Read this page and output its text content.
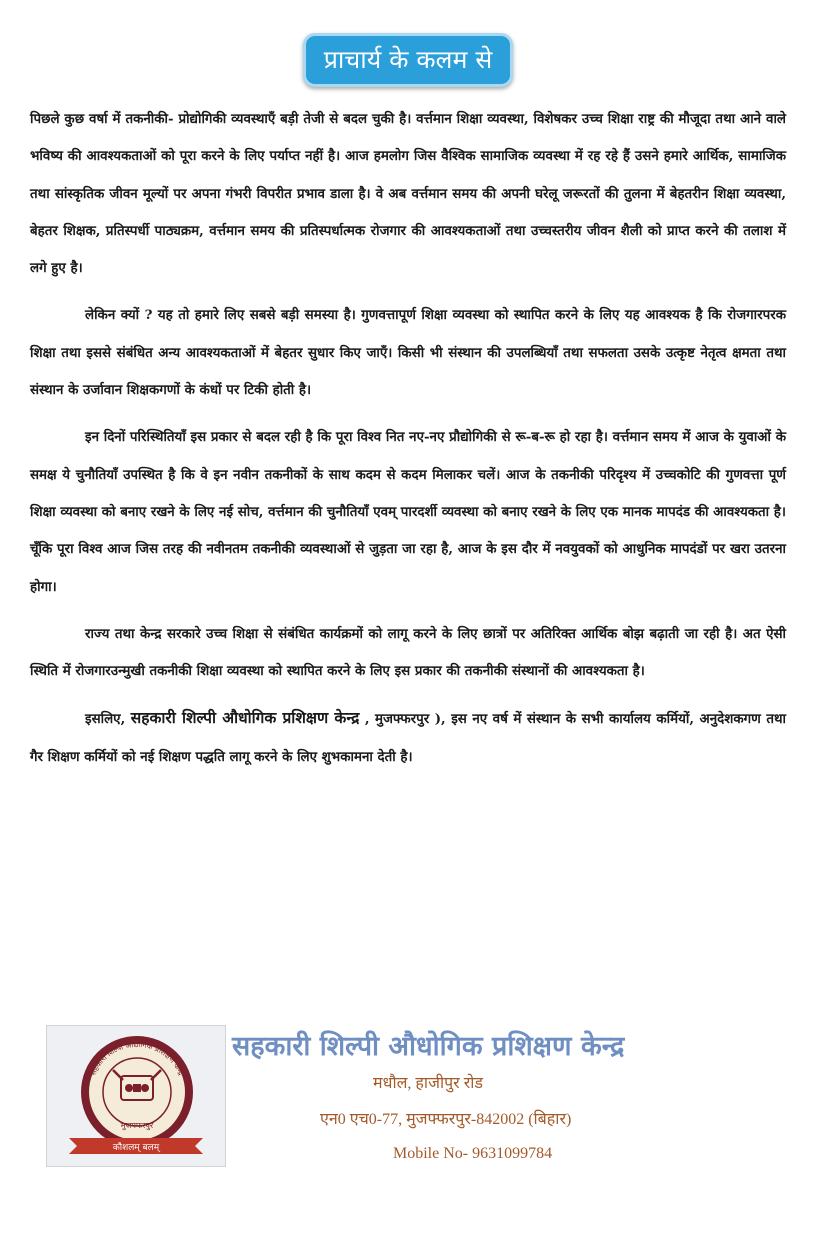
प्राचार्य के कलम से

पिछले कुछ वर्षा में तकनीकी- प्रोद्योगिकी व्यवस्थाएँ बड़ी तेजी से बदल चुकी है। वर्त्तमान शिक्षा व्यवस्था, विशेषकर उच्च शिक्षा राष्ट्र की मौजूदा तथा आने वाले भविष्य की आवश्यकताओं को पूरा करने के लिए पर्याप्त नहीं है। आज हमलोग जिस वैश्विक सामाजिक व्यवस्था में रह रहे हैं उसने हमारे आर्थिक, सामाजिक तथा सांस्कृतिक जीवन मूल्यों पर अपना गंभरी विपरीत प्रभाव डाला है। वे अब वर्त्तमान समय की अपनी घरेलू जरूरतों की तुलना में बेहतरीन शिक्षा व्यवस्था, बेहतर शिक्षक, प्रतिस्पर्धी पाठ्यक्रम, वर्त्तमान समय की प्रतिस्पर्धात्मक रोजगार की आवश्यकताओं तथा उच्चस्तरीय जीवन शैली को प्राप्त करने की तलाश में लगे हुए है।

लेकिन क्यों ? यह तो हमारे लिए सबसे बड़ी समस्या है। गुणवत्तापूर्ण शिक्षा व्यवस्था को स्थापित करने के लिए यह आवश्यक है कि रोजगारपरक शिक्षा तथा इससे संबंधित अन्य आवश्यकताओं में बेहतर सुधार किए जाएँ। किसी भी संस्थान की उपलब्धियाँ तथा सफलता उसके उत्कृष्ट नेतृत्व क्षमता तथा संस्थान के उर्जावान शिक्षकगणों के कंधों पर टिकी होती है।

इन दिनों परिस्थितियाँ इस प्रकार से बदल रही है कि पूरा विश्व नित नए-नए प्रौद्योगिकी से रू-ब-रू हो रहा है। वर्त्तमान समय में आज के युवाओं के समक्ष ये चुनौतियाँ उपस्थित है कि वे इन नवीन तकनीकों के साथ कदम से कदम मिलाकर चलें। आज के तकनीकी परिदृश्य में उच्चकोटि की गुणवत्ता पूर्ण शिक्षा व्यवस्था को बनाए रखने के लिए नई सोच, वर्त्तमान की चुनौतियाँ एवम् पारदर्शी व्यवस्था को बनाए रखने के लिए एक मानक मापदंड की आवश्यकता है। चूँकि पूरा विश्व आज जिस तरह की नवीनतम तकनीकी व्यवस्थाओं से जुड़ता जा रहा है, आज के इस दौर में नवयुवकों को आधुनिक मापदंडों पर खरा उतरना होगा।

राज्य तथा केन्द्र सरकारे उच्च शिक्षा से संबंधित कार्यक्रमों को लागू करने के लिए छात्रों पर अतिरिक्त आर्थिक बोझ बढ़ाती जा रही है। अत ऐसी स्थिति में रोजगारउन्मुखी तकनीकी शिक्षा व्यवस्था को स्थापित करने के लिए इस प्रकार की तकनीकी संस्थानों की आवश्यकता है।

इसलिए, सहकारी शिल्पी औधोगिक प्रशिक्षण केन्द्र , मुजफ्फरपुर ), इस नए वर्ष में संस्थान के सभी कार्यालय कर्मियों, अनुदेशकगण तथा गैर शिक्षण कर्मियों को नई शिक्षण पद्धति लागू करने के लिए शुभकामना देती है।

सहकारी शिल्पी औद्योगिक प्रशिक्षण केन्द्र
मुजफ्फरपुर
कौशलम् बलम्
सहकारी शिल्पी औधोगिक प्रशिक्षण केन्द्र
मधौल, हाजीपुर रोड
एन0 एच0-77, मुजफ्फरपुर-842002 (बिहार)
Mobile No- 9631099784
